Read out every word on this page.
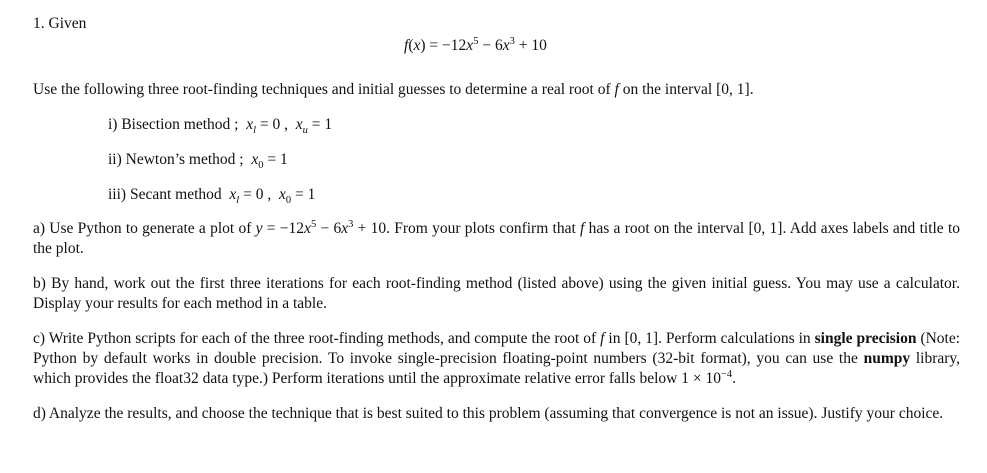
1. Given
$f(x) = -12x^5 - 6x^3 + 10$
Use the following three root-finding techniques and initial guesses to determine a real root of f on the interval [0, 1].
i) Bisection method ; $x_l = 0$ , $x_u = 1$
ii) Newton’s method ; $x_0 = 1$
iii) Secant method $x_l = 0$ , $x_0 = 1$
a) Use Python to generate a plot of $y = -12x^5 - 6x^3 + 10$. From your plots confirm that f has a root on the interval [0, 1]. Add axes labels and title to the plot.
b) By hand, work out the first three iterations for each root-finding method (listed above) using the given initial guess. You may use a calculator. Display your results for each method in a table.
c) Write Python scripts for each of the three root-finding methods, and compute the root of f in [0, 1]. Perform calculations in single precision (Note: Python by default works in double precision. To invoke single-precision floating-point numbers (32-bit format), you can use the numpy library, which provides the float32 data type.) Perform iterations until the approximate relative error falls below $1 \times 10^{-4}$.
d) Analyze the results, and choose the technique that is best suited to this problem (assuming that convergence is not an issue). Justify your choice.
